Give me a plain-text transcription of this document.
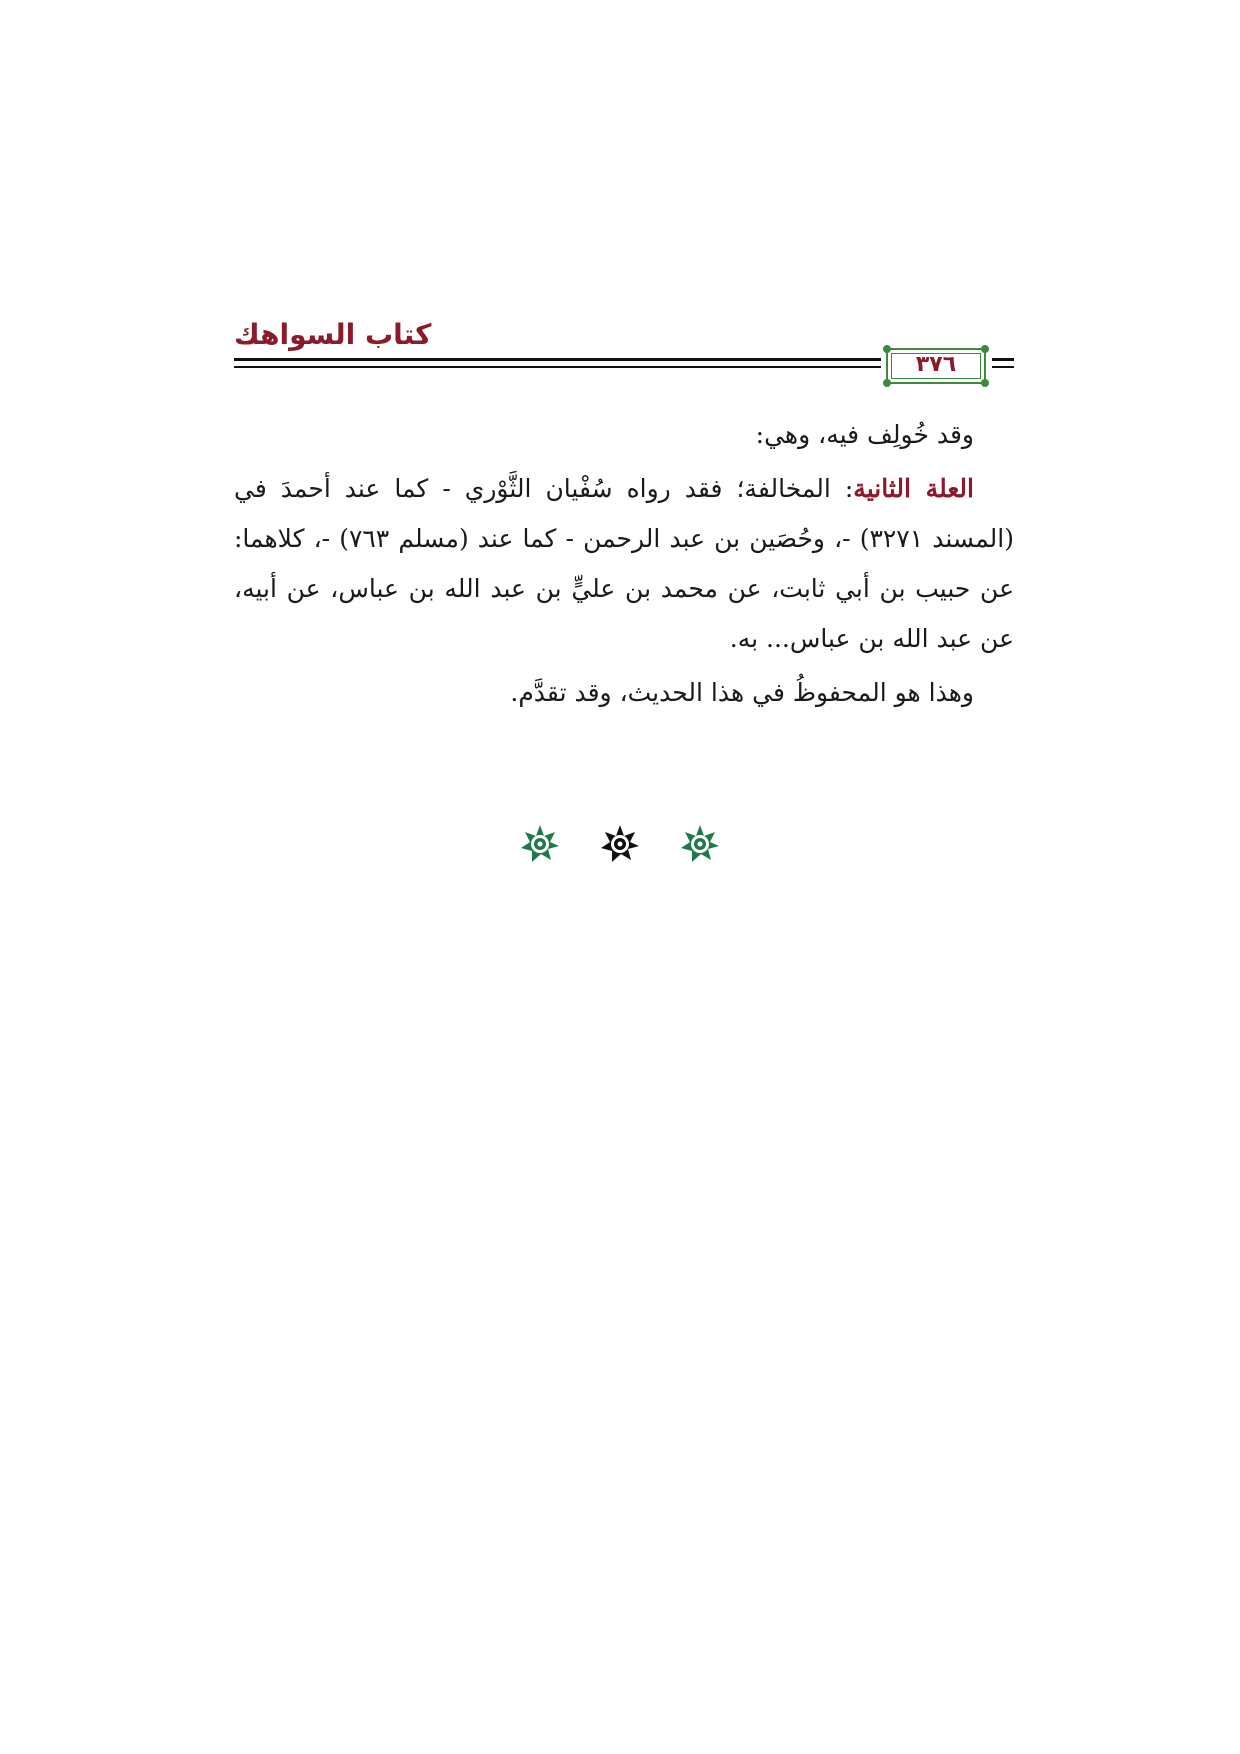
كتاب السواهك
٣٧٦

وقد خُولِف فيه، وهي:

العلة الثانية: المخالفة؛ فقد رواه سُفْيان الثَّوْري - كما عند أحمدَ في (المسند ٣٢٧١) -، وحُصَين بن عبد الرحمن - كما عند (مسلم ٧٦٣) -، كلاهما: عن حبيب بن أبي ثابت، عن محمد بن عليٍّ بن عبد الله بن عباس، عن أبيه، عن عبد الله بن عباس... به.

وهذا هو المحفوظُ في هذا الحديث، وقد تقدَّم.
